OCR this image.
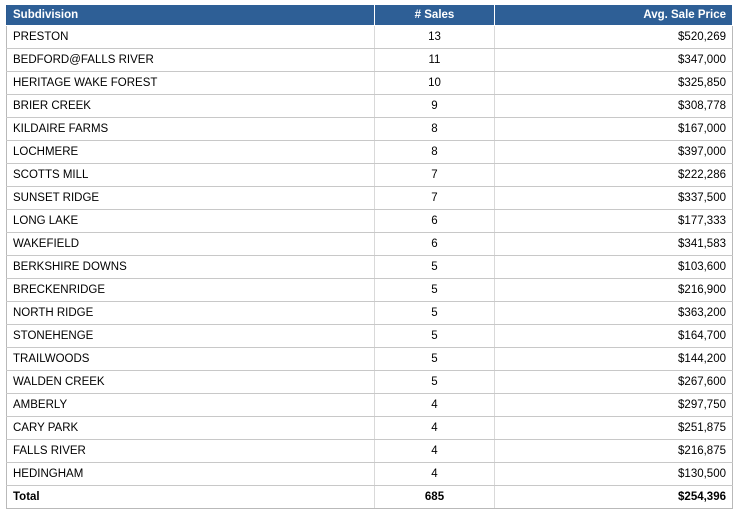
Subdivision	# Sales	Avg. Sale Price
PRESTON	13	$520,269
BEDFORD@FALLS RIVER	11	$347,000
HERITAGE WAKE FOREST	10	$325,850
BRIER CREEK	9	$308,778
KILDAIRE FARMS	8	$167,000
LOCHMERE	8	$397,000
SCOTTS MILL	7	$222,286
SUNSET RIDGE	7	$337,500
LONG LAKE	6	$177,333
WAKEFIELD	6	$341,583
BERKSHIRE DOWNS	5	$103,600
BRECKENRIDGE	5	$216,900
NORTH RIDGE	5	$363,200
STONEHENGE	5	$164,700
TRAILWOODS	5	$144,200
WALDEN CREEK	5	$267,600
AMBERLY	4	$297,750
CARY PARK	4	$251,875
FALLS RIVER	4	$216,875
HEDINGHAM	4	$130,500
Total	685	$254,396
